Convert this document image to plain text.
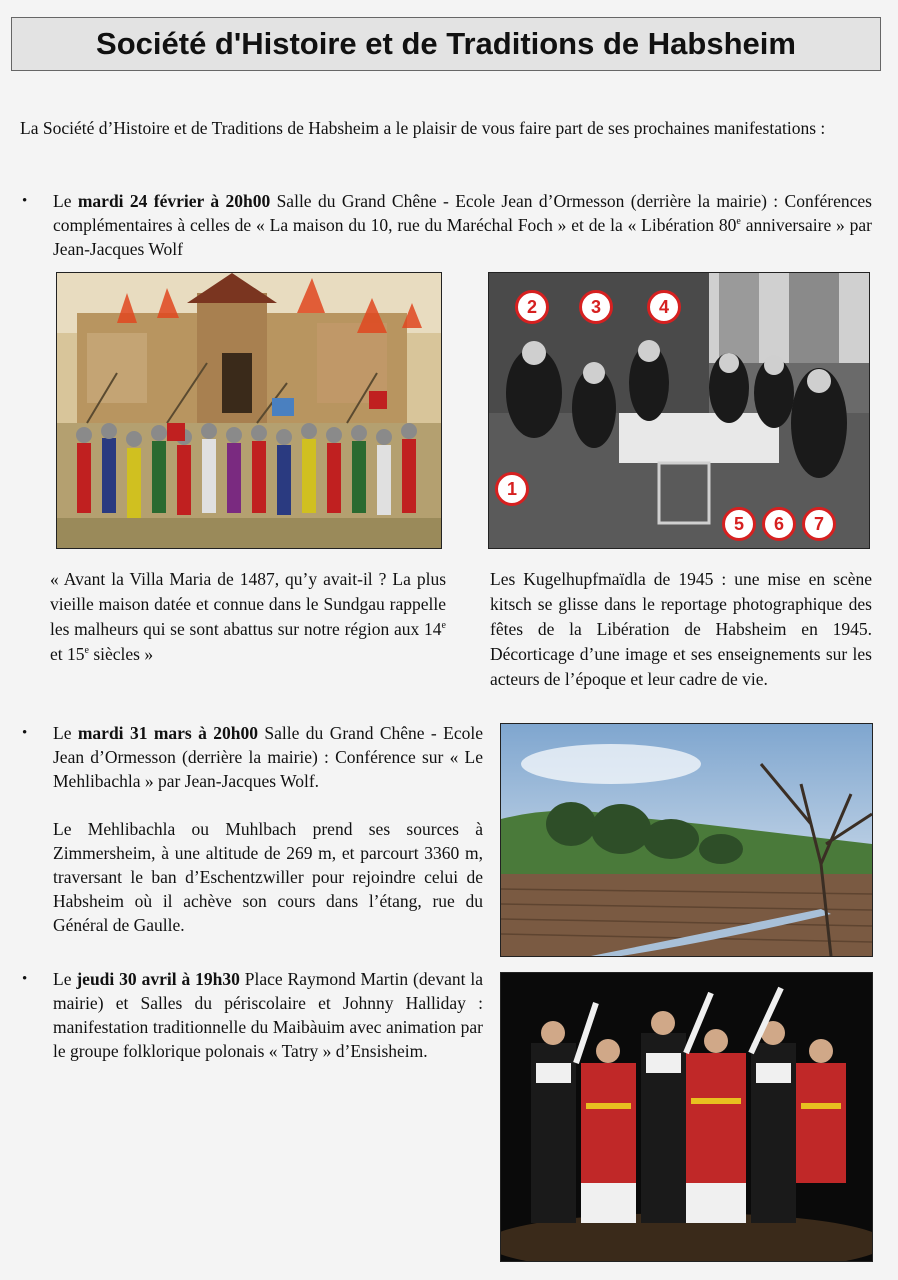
Société d'Histoire et de Traditions de Habsheim

La Société d’Histoire et de Traditions de Habsheim a le plaisir de vous faire part de ses prochaines manifestations :

• Le mardi 24 février à 20h00 Salle du Grand Chêne - Ecole Jean d’Ormesson (derrière la mairie) : Conférences complémentaires à celles de « La maison du 10, rue du Maréchal Foch » et de la « Libération 80e anniversaire » par Jean-Jacques Wolf

1
2	3	4
5	6	7

« Avant la Villa Maria de 1487, qu’y avait-il ? La plus vieille maison datée et connue dans le Sundgau rappelle les malheurs qui se sont abattus sur notre région aux 14e et 15e siècles »

Les Kugelhupfmaïdla de 1945 : une mise en scène kitsch se glisse dans le reportage photographique des fêtes de la Libération de Habsheim en 1945. Décorticage d’une image et ses enseignements sur les acteurs de l’époque et leur cadre de vie.

• Le mardi 31 mars à 20h00 Salle du Grand Chêne - Ecole Jean d’Ormesson (derrière la mairie) : Conférence sur « Le Mehlibachla » par Jean-Jacques Wolf.

Le Mehlibachla ou Muhlbach prend ses sources à Zimmersheim, à une altitude de 269 m, et parcourt 3360 m, traversant le ban d’Eschentzwiller pour rejoindre celui de Habsheim où il achève son cours dans l’étang, rue du Général de Gaulle.

• Le jeudi 30 avril à 19h30 Place Raymond Martin (devant la mairie) et Salles du périscolaire et Johnny Halliday : manifestation traditionnelle du Maibàuim avec animation par le groupe folklorique polonais « Tatry » d’Ensisheim.
